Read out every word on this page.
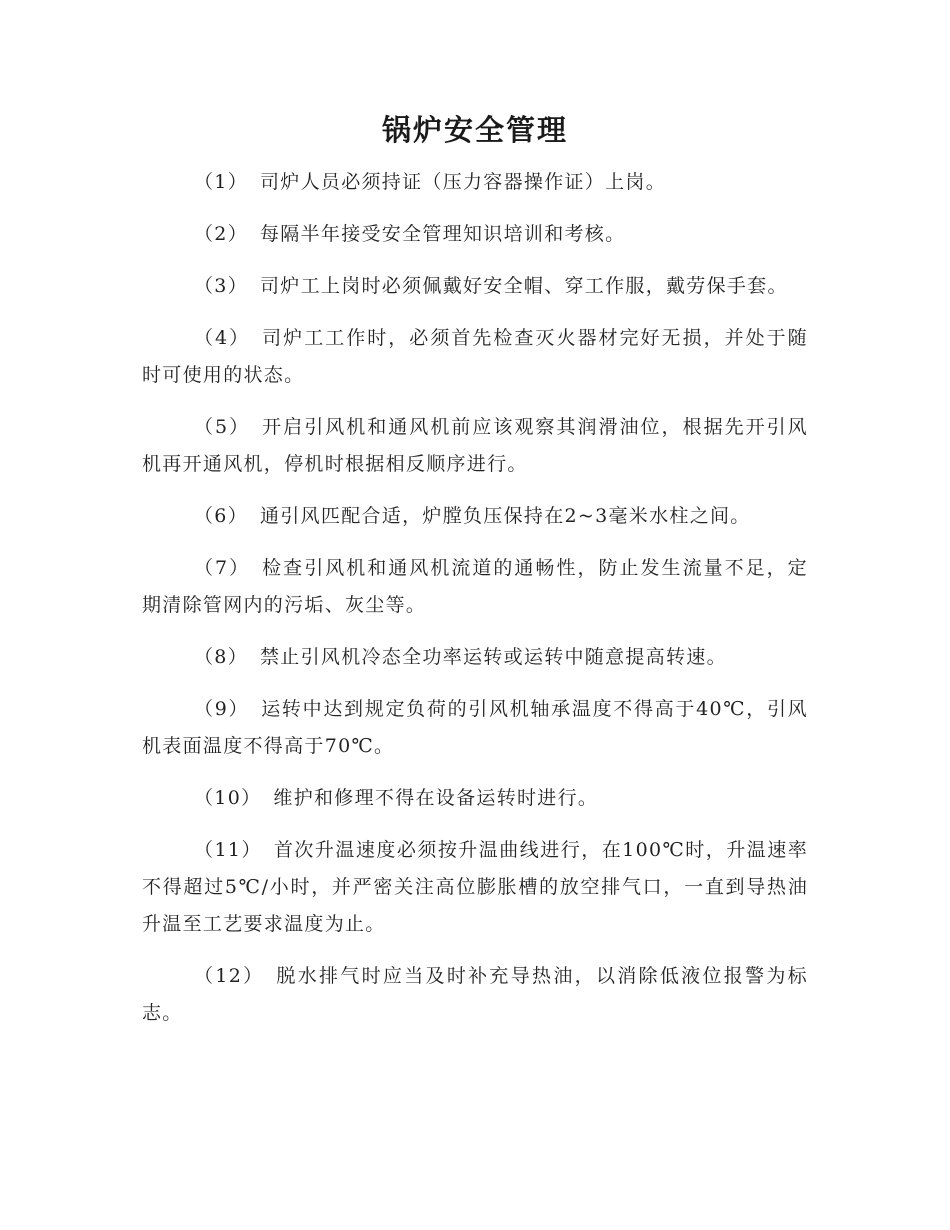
锅炉安全管理

（1） 司炉人员必须持证（压力容器操作证）上岗。

（2） 每隔半年接受安全管理知识培训和考核。

（3） 司炉工上岗时必须佩戴好安全帽、穿工作服，戴劳保手套。

（4） 司炉工工作时，必须首先检查灭火器材完好无损，并处于随时可使用的状态。

（5） 开启引风机和通风机前应该观察其润滑油位，根据先开引风机再开通风机，停机时根据相反顺序进行。

（6） 通引风匹配合适，炉膛负压保持在2~3毫米水柱之间。

（7） 检查引风机和通风机流道的通畅性，防止发生流量不足，定期清除管网内的污垢、灰尘等。

（8） 禁止引风机冷态全功率运转或运转中随意提高转速。

（9） 运转中达到规定负荷的引风机轴承温度不得高于40℃，引风机表面温度不得高于70℃。

（10） 维护和修理不得在设备运转时进行。

（11） 首次升温速度必须按升温曲线进行，在100℃时，升温速率不得超过5℃/小时，并严密关注高位膨胀槽的放空排气口，一直到导热油升温至工艺要求温度为止。

（12） 脱水排气时应当及时补充导热油，以消除低液位报警为标志。
